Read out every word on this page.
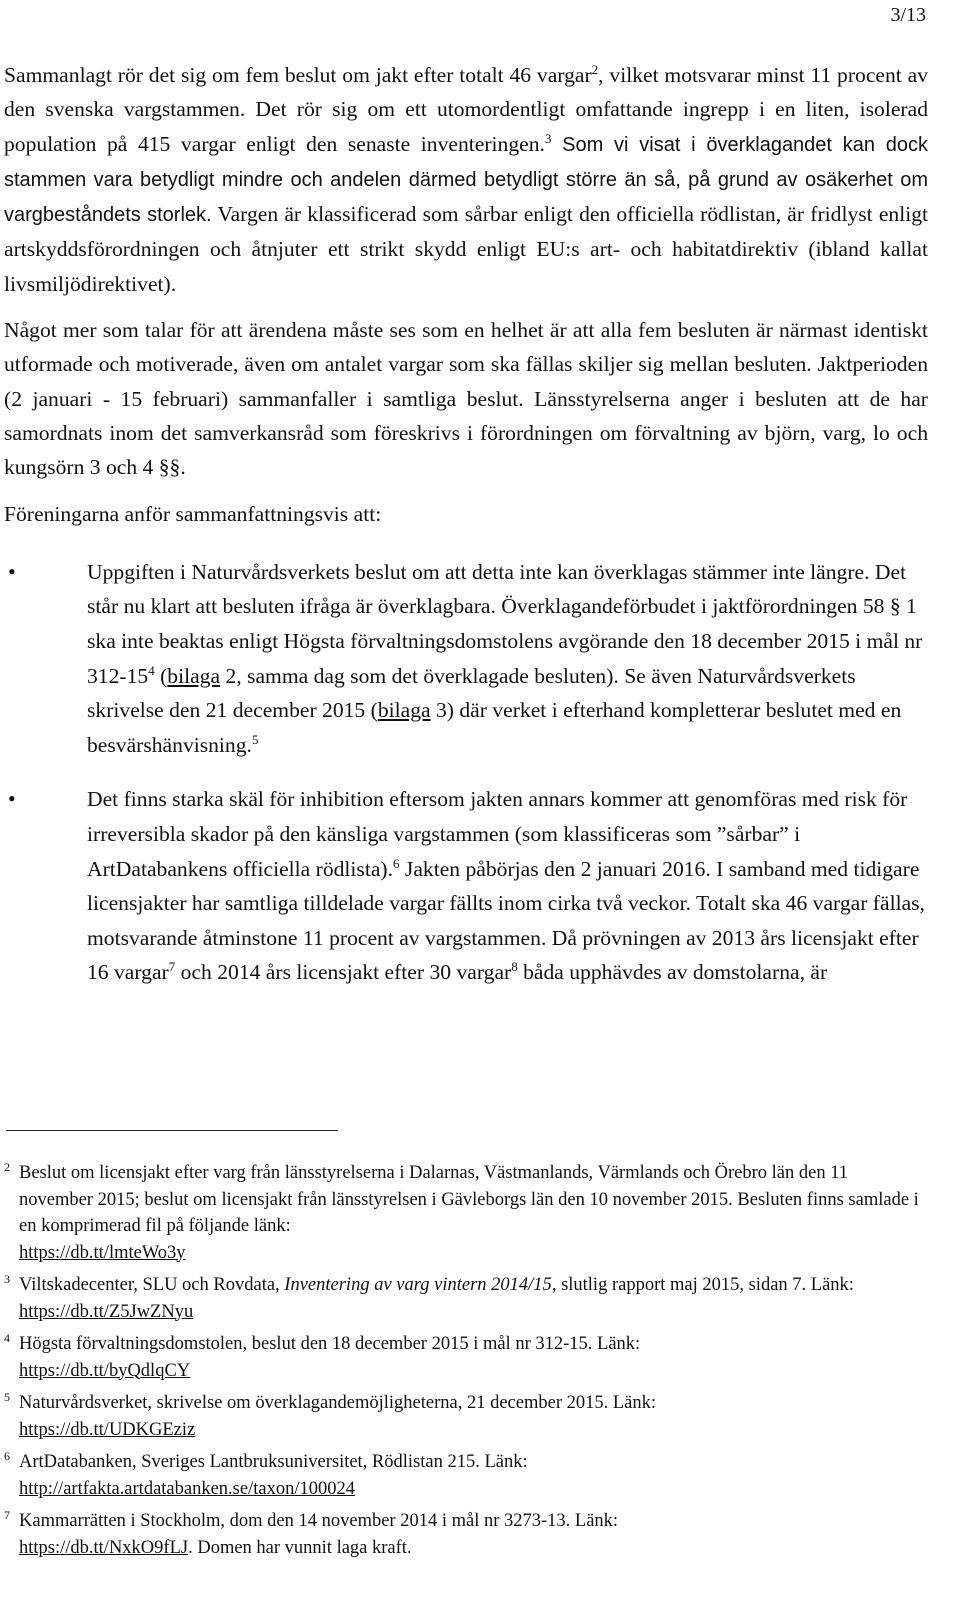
3/13

Sammanlagt rör det sig om fem beslut om jakt efter totalt 46 vargar$^2$, vilket motsvarar minst 11 procent av den svenska vargstammen. Det rör sig om ett utomordentligt omfattande ingrepp i en liten, isolerad population på 415 vargar enligt den senaste inventeringen.$^3$ Som vi visat i överklagandet kan dock stammen vara betydligt mindre och andelen därmed betydligt större än så, på grund av osäkerhet om vargbeståndets storlek. Vargen är klassificerad som sårbar enligt den officiella rödlistan, är fridlyst enligt artskyddsförordningen och åtnjuter ett strikt skydd enligt EU:s art- och habitatdirektiv (ibland kallat livsmiljödirektivet).

Något mer som talar för att ärendena måste ses som en helhet är att alla fem besluten är närmast identiskt utformade och motiverade, även om antalet vargar som ska fällas skiljer sig mellan besluten. Jaktperioden (2 januari - 15 februari) sammanfaller i samtliga beslut. Länsstyrelserna anger i besluten att de har samordnats inom det samverkansråd som föreskrivs i förordningen om förvaltning av björn, varg, lo och kungsörn 3 och 4 §§.

Föreningarna anför sammanfattningsvis att:

•	Uppgiften i Naturvårdsverkets beslut om att detta inte kan överklagas stämmer inte längre. Det står nu klart att besluten ifråga är överklagbara. Överklagandeförbudet i jaktförordningen 58 § 1 ska inte beaktas enligt Högsta förvaltningsdomstolens avgörande den 18 december 2015 i mål nr $312-15^4$ (bilaga 2, samma dag som det överklagade besluten). Se även Naturvårdsverkets skrivelse den 21 december 2015 (bilaga 3) där verket i efterhand kompletterar beslutet med en besvärshänvisning.$^5$
•	Det finns starka skäl för inhibition eftersom jakten annars kommer att genomföras med risk för irreversibla skador på den känsliga vargstammen (som klassificeras som ”sårbar” i ArtDatabankens officiella rödlista).$^6$ Jakten påbörjas den 2 januari 2016. I samband med tidigare licensjakter har samtliga tilldelade vargar fällts inom cirka två veckor. Totalt ska 46 vargar fällas, motsvarande åtminstone 11 procent av vargstammen. Då prövningen av 2013 års licensjakt efter 16 vargar$^7$ och 2014 års licensjakt efter 30 vargar$^8$ båda upphävdes av domstolarna, är
2 Beslut om licensjakt efter varg från länsstyrelserna i Dalarnas, Västmanlands, Värmlands och Örebro län den 11 november 2015; beslut om licensjakt från länsstyrelsen i Gävleborgs län den 10 november 2015. Besluten finns samlade i en komprimerad fil på följande länk:
https://db.tt/lmteWo3y
3 Viltskadecenter, SLU och Rovdata, Inventering av varg vintern 2014/15, slutlig rapport maj 2015, sidan 7. Länk: https://db.tt/Z5JwZNyu
4 Högsta förvaltningsdomstolen, beslut den 18 december 2015 i mål nr 312-15. Länk:
https://db.tt/byQdlqCY
5 Naturvårdsverket, skrivelse om överklagandemöjligheterna, 21 december 2015. Länk:
https://db.tt/UDKGEziz
6 ArtDatabanken, Sveriges Lantbruksuniversitet, Rödlistan 215. Länk:
http://artfakta.artdatabanken.se/taxon/100024
7 Kammarrätten i Stockholm, dom den 14 november 2014 i mål nr 3273-13. Länk:
https://db.tt/NxkO9fLJ. Domen har vunnit laga kraft.
